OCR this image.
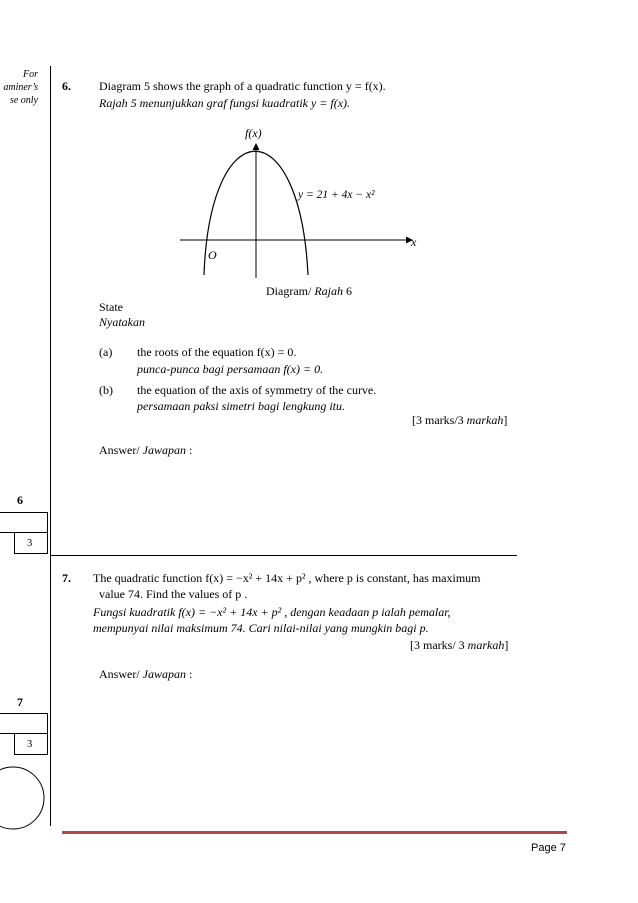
For
aminer’s
se only
6
3
7
3
6. Diagram 5 shows the graph of a quadratic function y = f(x).
Rajah 5 menunjukkan graf fungsi kuadratik y = f(x).
f(x)
x
O
y = 21 + 4x − x²
Diagram/ Rajah 6
State
Nyatakan
(a) the roots of the equation f(x) = 0.
punca-punca bagi persamaan f(x) = 0.
(b) the equation of the axis of symmetry of the curve.
persamaan paksi simetri bagi lengkung itu.
[3 marks/3 markah]
Answer/ Jawapan :
7. The quadratic function f(x) = −x² + 14x + p² , where p is constant, has maximum
value 74. Find the values of p .
Fungsi kuadratik f(x) = −x² + 14x + p² , dengan keadaan p ialah pemalar,
mempunyai nilai maksimum 74. Cari nilai-nilai yang mungkin bagi p.
[3 marks/ 3 markah]
Answer/ Jawapan :
Page 7
